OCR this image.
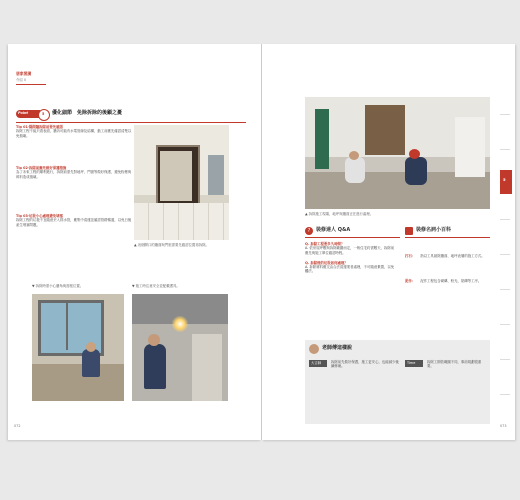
居家裝潢
介紹 II
Point	5 優化細節　免除拆除的後顧之憂
Tip 01‧隔間牆拆除前要先確認
拆除工程不能只看表面，牆內可能有水電管線及結構，動工前應先確認清楚以免損壞。
Tip 02‧拆除前應先做好保護措施
為了未來工程的順利進行，拆除前需先對地坪、門窗等做好保護，避免粉塵與碎料造成損壞。
Tip 03‧垃圾小心處理避免堵塞
拆除工程的垃圾不宜隨意丟入排水管，應集中清運並確認管路暢通，以免日後產生堵塞問題。
▲ 這個開口的牆面與門框需要先確認位置再拆除。
▼ 拆除時需小心牆角與窗框位置。	▼ 施工時注意安全並配戴護具。
072
▲ 拆除施工現場，地坪與牆面正在進行處理。
?	裝修達人 Q&A
Q. 拆除工程要多久時間？
A. 依房屋坪數與拆除範圍而定，一般住宅約需數天，拆除前應先與施工單位確認時程。
Q. 拆除後的垃圾如何處理？
A. 拆除廢料應交由合法清運業者處理，不可隨意棄置，以免觸法。
裝修名詞小百科
打石： 指以工具敲除牆面、地坪表層的施工方式。
泥作： 泥作工程包含砌磚、粉光、貼磚等工序。
老師傅這樣說
大吉師	拆除前先做好保護，施工更安心，也能減少後續修補。
Time	拆除工期依範圍不同，事前規劃很重要。
073
5
